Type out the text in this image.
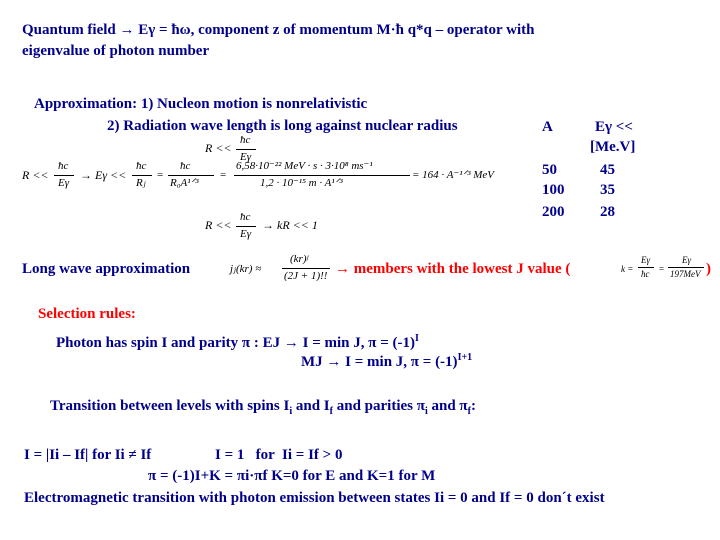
Quantum field → Eγ = ħω, component z of momentum M·ħ q*q – operator with
eigenvalue of photon number
Approximation: 1) Nucleon motion is nonrelativistic
2) Radiation wave length is long against nuclear radius	A	Eγ <<
[Me.V]
50	45
100 35
200 28
R <<
ħc
Eγ
R <<
ħc
Eγ
→ Eγ <<
ħc
Rⱼ
=
ħc
R₀A¹ᐟ³
=
6,58·10⁻²² MeV · s · 3·10⁸ ms⁻¹
1,2 · 10⁻¹⁵ m · A¹ᐟ³
= 164 · A⁻¹ᐟ³ MeV
R <<
ħc
Eγ
→ kR << 1
Long wave approximation	jⱼ(kr) ≈
(kr)ʲ
(2J + 1)!! → members with the lowest J value (	k =
Eγ
ħc =
Eγ
197MeV )
Selection rules:
Photon has spin I and parity π : EJ → I = min J, $\pi = (-1)^I$
MJ → I = min J, $\pi = (-1)^{I+1}$
Transition between levels with spins $I_i$ and $I_f$ and parities $\pi_i$ and $\pi_f$:
I = |Ii – If| for Ii ≠ If                 I = 1   for  Ii = If > 0
π = (-1)I+K = πi·πf K=0 for E and K=1 for M
Electromagnetic transition with photon emission between states Ii = 0 and If = 0 don´t exist
